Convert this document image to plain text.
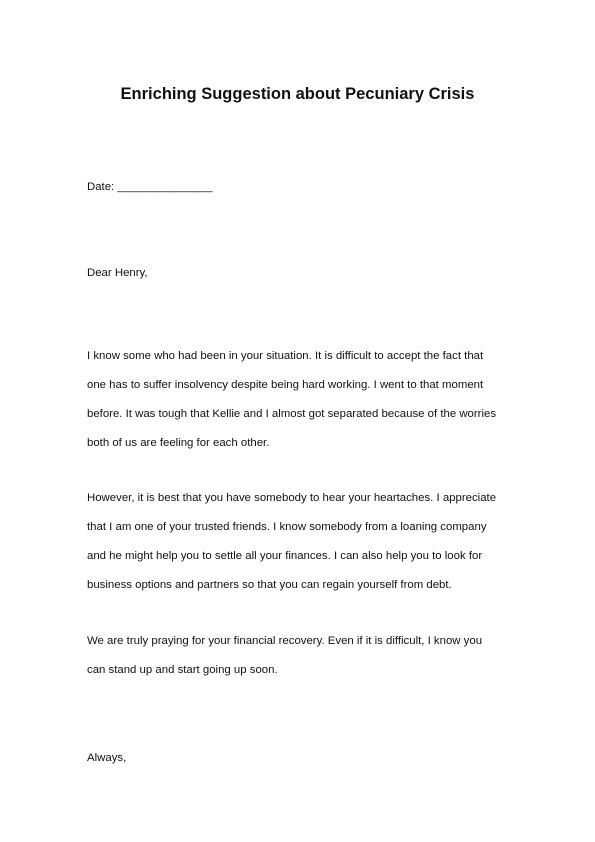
Enriching Suggestion about Pecuniary Crisis
Date: _______________
Dear Henry,
I know some who had been in your situation. It is difficult to accept the fact that
one has to suffer insolvency despite being hard working. I went to that moment
before. It was tough that Kellie and I almost got separated because of the worries
both of us are feeling for each other.
However, it is best that you have somebody to hear your heartaches. I appreciate
that I am one of your trusted friends. I know somebody from a loaning company
and he might help you to settle all your finances. I can also help you to look for
business options and partners so that you can regain yourself from debt.
We are truly praying for your financial recovery. Even if it is difficult, I know you
can stand up and start going up soon.
Always,
